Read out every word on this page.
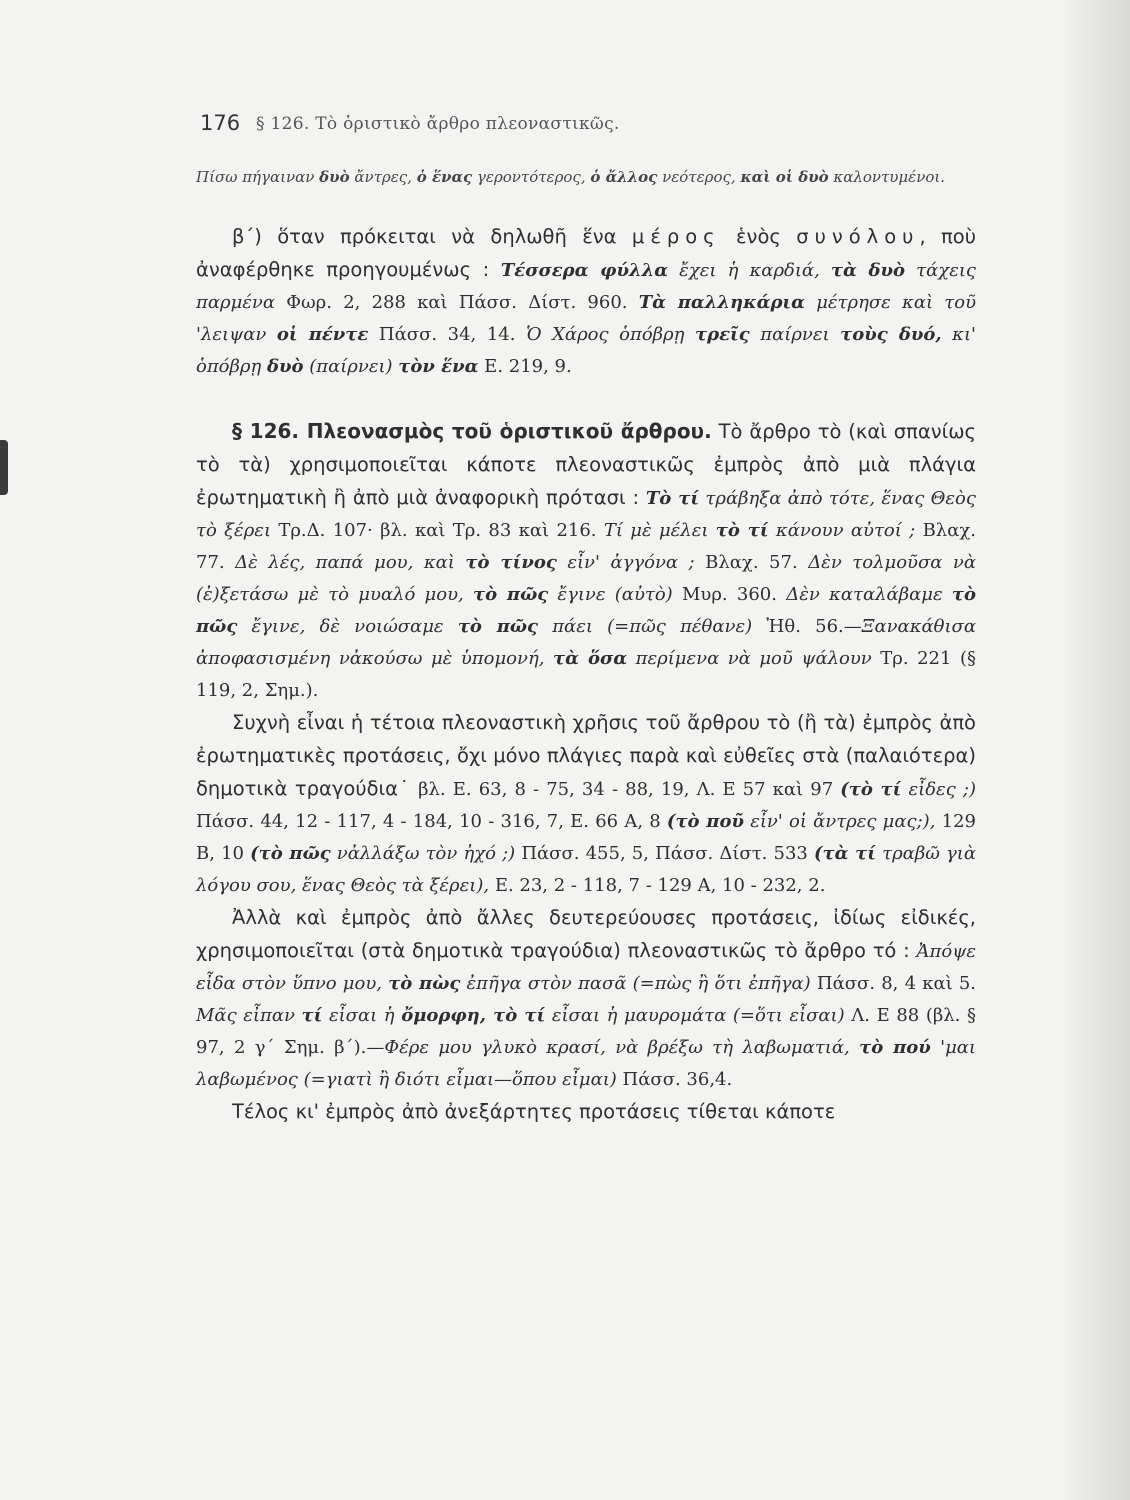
176 § 126. Τὸ ὁριστικὸ ἄρθρο πλεοναστικῶς.

Πίσω πήγαιναν δυὸ ἄντρες, ὁ ἕνας γεροντότερος, ὁ ἄλλος νεότερος, καὶ οἱ δυὸ καλοντυμένοι.

β΄) ὅταν πρόκειται νὰ δηλωθῆ ἕνα μέρος ἑνὸς συνόλου, ποὺ ἀναφέρθηκε προηγουμένως : Τέσσερα φύλλα ἔχει ἡ καρδιά, τὰ δυὸ τάχεις παρμένα Φωρ. 2, 288 καὶ Πάσσ. Δίστ. 960. Τὰ παλληκάρια μέτρησε καὶ τοῦ 'λειψαν οἱ πέντε Πάσσ. 34, 14. Ὁ Χάρος ὁπόβρῃ τρεῖς παίρνει τοὺς δυό, κι' ὁπόβρῃ δυὸ (παίρνει) τὸν ἕνα Ε. 219, 9.

§ 126. Πλεονασμὸς τοῦ ὁριστικοῦ ἄρθρου. Τὸ ἄρθρο τὸ (καὶ σπανίως τὸ τὰ) χρησιμοποιεῖται κάποτε πλεοναστικῶς ἐμπρὸς ἀπὸ μιὰ πλάγια ἐρωτηματικὴ ἢ ἀπὸ μιὰ ἀναφορικὴ πρότασι : Τὸ τί τράβηξα ἀπὸ τότε, ἕνας Θεὸς τὸ ξέρει Τρ.Δ. 107· βλ. καὶ Τρ. 83 καὶ 216. Τί μὲ μέλει τὸ τί κάνουν αὐτοί ; Βλαχ. 77. Δὲ λές, παπά μου, καὶ τὸ τίνος εἶν' ἀγγόνα ; Βλαχ. 57. Δὲν τολμοῦσα νὰ (ἐ)ξετάσω μὲ τὸ μυαλό μου, τὸ πῶς ἔγινε (αὐτὸ) Μυρ. 360. Δὲν καταλάβαμε τὸ πῶς ἔγινε, δὲ νοιώσαμε τὸ πῶς πάει (=πῶς πέθανε) Ἠθ. 56.—Ξανακάθισα ἀποφασισμένη νἀκούσω μὲ ὑπομονή, τὰ ὅσα περίμενα νὰ μοῦ ψάλουν Τρ. 221 (§ 119, 2, Σημ.).

Συχνὴ εἶναι ἡ τέτοια πλεοναστικὴ χρῆσις τοῦ ἄρθρου τὸ (ἢ τὰ) ἐμπρὸς ἀπὸ ἐρωτηματικὲς προτάσεις, ὄχι μόνο πλάγιες παρὰ καὶ εὐθεῖες στὰ (παλαιότερα) δημοτικὰ τραγούδια˙ βλ. Ε. 63, 8 - 75, 34 - 88, 19, Λ. Ε 57 καὶ 97 (τὸ τί εἶδες ;) Πάσσ. 44, 12 - 117, 4 - 184, 10 - 316, 7, Ε. 66 Α, 8 (τὸ ποῦ εἶν' οἱ ἄντρες μας;), 129 Β, 10 (τὸ πῶς νἀλλάξω τὸν ἠχό ;) Πάσσ. 455, 5, Πάσσ. Δίστ. 533 (τὰ τί τραβῶ γιὰ λόγου σου, ἕνας Θεὸς τὰ ξέρει), Ε. 23, 2 - 118, 7 - 129 Α, 10 - 232, 2.

Ἀλλὰ καὶ ἐμπρὸς ἀπὸ ἄλλες δευτερεύουσες προτάσεις, ἰδίως εἰδικές, χρησιμοποιεῖται (στὰ δημοτικὰ τραγούδια) πλεοναστικῶς τὸ ἄρθρο τό : Ἀπόψε εἶδα στὸν ὕπνο μου, τὸ πὼς ἐπῆγα στὸν πασᾶ (=πὼς ἢ ὅτι ἐπῆγα) Πάσσ. 8, 4 καὶ 5. Μᾶς εἶπαν τί εἶσαι ἡ ὄμορφη, τὸ τί εἶσαι ἡ μαυρομάτα (=ὅτι εἶσαι) Λ. Ε 88 (βλ. § 97, 2 γ΄ Σημ. β΄).—Φέρε μου γλυκὸ κρασί, νὰ βρέξω τὴ λαβωματιά, τὸ πού 'μαι λαβωμένος (=γιατὶ ἢ διότι εἶμαι—ὅπου εἶμαι) Πάσσ. 36,4.

Τέλος κι' ἐμπρὸς ἀπὸ ἀνεξάρτητες προτάσεις τίθεται κάποτε
